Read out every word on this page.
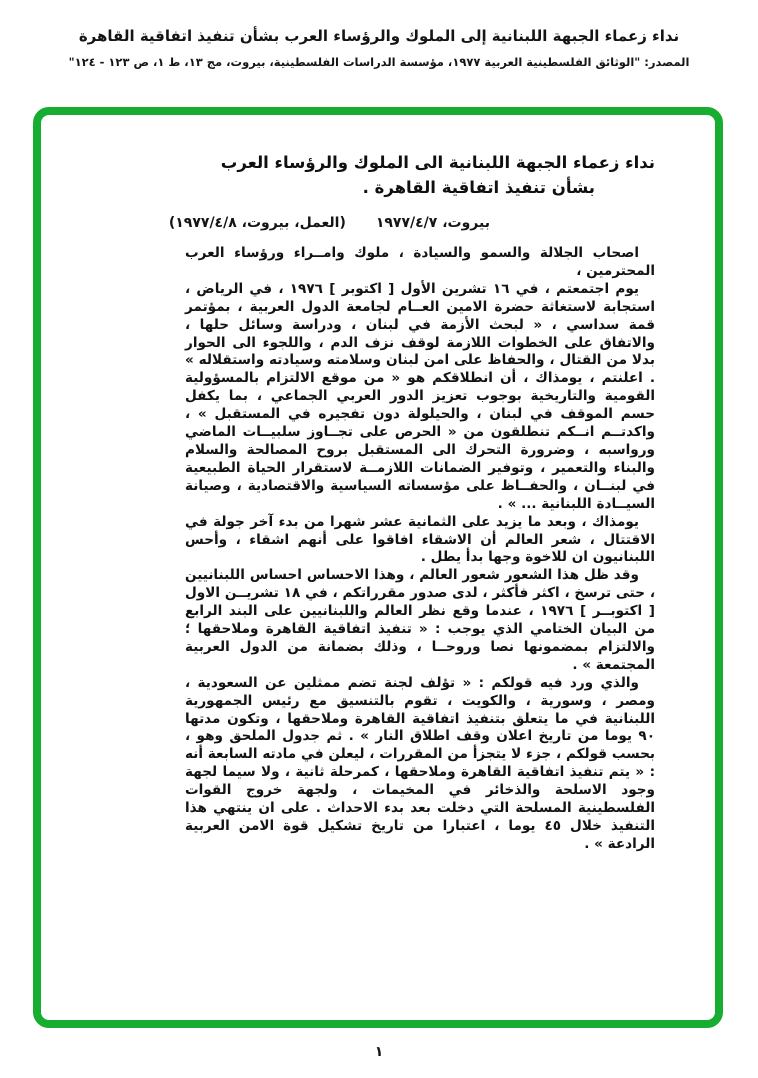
نداء زعماء الجبهة اللبنانية إلى الملوك والرؤساء العرب بشأن تنفيذ اتفاقية القاهرة
المصدر: "الوثائق الفلسطينية العربية ١٩٧٧، مؤسسة الدراسات الفلسطينية، بيروت، مج ١٣، ط ١، ص ١٢٣ - ١٢٤"
نداء زعماء الجبهة اللبنانية الى الملوك والرؤساء العرب
بشأن تنفيذ اتفاقية القاهرة .
بيروت، ١٩٧٧/٤/٧(العمل، بيروت، ١٩٧٧/٤/٨)

اصحاب الجلالة والسمو والسيادة ، ملوك وامــراء ورؤساء العرب المحترمين ،

يوم اجتمعتم ، في ١٦ تشرين الأول [ اكتوبر ] ١٩٧٦ ، في الرياض ، استجابة لاستغاثة حضرة الامين العــام لجامعة الدول العربية ، بمؤتمر قمة سداسي ، « لبحث الأزمة في لبنان ، ودراسة وسائل حلها ، والاتفاق على الخطوات اللازمة لوقف نزف الدم ، واللجوء الى الحوار بدلا من القتال ، والحفاظ على امن لبنان وسلامته وسيادته واستقلاله » . اعلنتم ، يومذاك ، أن انطلاقكم هو « من موقع الالتزام بالمسؤولية القومية والتاريخية بوجوب تعزيز الدور العربي الجماعي ، بما يكفل حسم الموقف في لبنان ، والحيلولة دون تفجيره في المستقبل » ، واكدتــم انــكم تنطلقون من « الحرص على تجــاوز سلبيــات الماضي ورواسبه ، وضرورة التحرك الى المستقبل بروح المصالحة والسلام والبناء والتعمير ، وتوفير الضمانات اللازمــة لاستقرار الحياة الطبيعية في لبنــان ، والحفــاظ على مؤسساته السياسية والاقتصادية ، وصيانة السيــادة اللبنانية ... » .

يومذاك ، وبعد ما يزيد على الثمانية عشر شهرا من بدء آخر جولة في الاقتتال ، شعر العالم أن الاشقاء افاقوا على أنهم اشقاء ، وأحس اللبنانيون ان للاخوة وجها بدأ يطل .

وقد ظل هذا الشعور شعور العالم ، وهذا الاحساس احساس اللبنانيين ، حتى ترسخ ، اكثر فأكثر ، لدى صدور مقرراتكم ، في ١٨ تشريــن الاول [ اكتوبــر ] ١٩٧٦ ، عندما وقع نظر العالم واللبنانيين على البند الرابع من البيان الختامي الذي يوجب : « تنفيذ اتفاقية القاهرة وملاحقها ؛ والالتزام بمضمونها نصا وروحــا ، وذلك بضمانة من الدول العربية المجتمعة » .

والذي ورد فيه قولكم : « تؤلف لجنة تضم ممثلين عن السعودية ، ومصر ، وسورية ، والكويت ، تقوم بالتنسيق مع رئيس الجمهورية اللبنانية في ما يتعلق بتنفيذ اتفاقية القاهرة وملاحقها ، وتكون مدتها ٩٠ يوما من تاريخ اعلان وقف اطلاق النار » . ثم جدول الملحق وهو ، بحسب قولكم ، جزء لا يتجزأ من المقررات ، ليعلن في مادته السابعة أنه : « يتم تنفيذ اتفاقية القاهرة وملاحقها ، كمرحلة ثانية ، ولا سيما لجهة وجود الاسلحة والذخائر في المخيمات ، ولجهة خروج القوات الفلسطينية المسلحة التي دخلت بعد بدء الاحداث . على ان ينتهي هذا التنفيذ خلال ٤٥ يوما ، اعتبارا من تاريخ تشكيل قوة الامن العربية الرادعة » .

١
